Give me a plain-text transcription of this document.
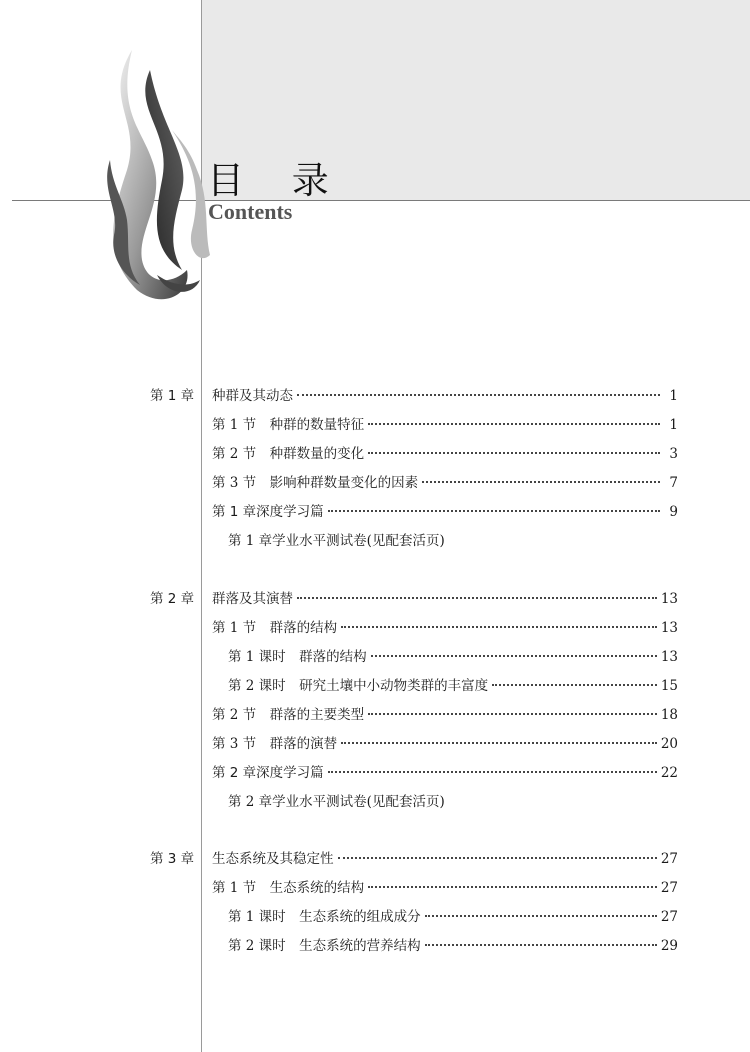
目 录
Contents
第 1 章	种群及其动态	1
第 1 节　种群的数量特征	1
第 2 节　种群数量的变化	3
第 3 节　影响种群数量变化的因素	7
第 1 章深度学习篇	9
第 1 章学业水平测试卷(见配套活页)
第 2 章	群落及其演替	13
第 1 节　群落的结构	13
第 1 课时　群落的结构	13
第 2 课时　研究土壤中小动物类群的丰富度	15
第 2 节　群落的主要类型	18
第 3 节　群落的演替	20
第 2 章深度学习篇	22
第 2 章学业水平测试卷(见配套活页)
第 3 章	生态系统及其稳定性	27
第 1 节　生态系统的结构	27
第 1 课时　生态系统的组成成分	27
第 2 课时　生态系统的营养结构	29
